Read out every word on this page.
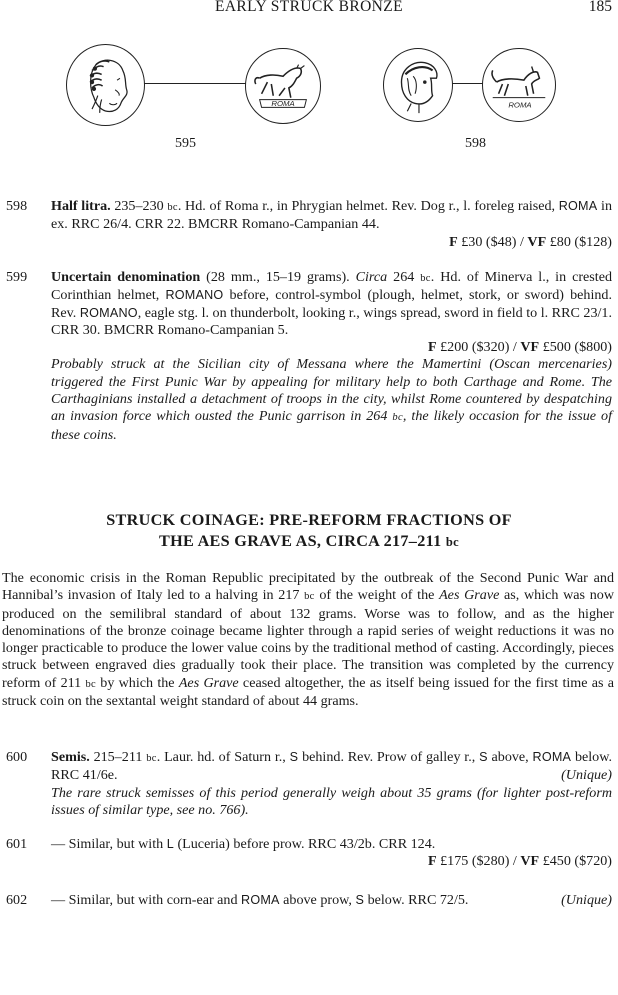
EARLY STRUCK BRONZE	185
ROMA
595
ROMA
598
598	Half litra. 235–230 bc. Hd. of Roma r., in Phrygian helmet. Rev. Dog r., l. foreleg raised, ROMA in ex. RRC 26/4. CRR 22. BMCRR Romano-Campanian 44.

F £30 ($48) / VF £80 ($128)

599	Uncertain denomination (28 mm., 15–19 grams). Circa 264 bc. Hd. of Minerva l., in crested Corinthian helmet, ROMANO before, control-symbol (plough, helmet, stork, or sword) behind. Rev. ROMANO, eagle stg. l. on thunderbolt, looking r., wings spread, sword in field to l. RRC 23/1. CRR 30. BMCRR Romano-Campanian 5.

F £200 ($320) / VF £500 ($800)

Probably struck at the Sicilian city of Messana where the Mamertini (Oscan mercenaries) triggered the First Punic War by appealing for military help to both Carthage and Rome. The Carthaginians installed a detachment of troops in the city, whilst Rome countered by despatching an invasion force which ousted the Punic garrison in 264 bc, the likely occasion for the issue of these coins.

STRUCK COINAGE: PRE-REFORM FRACTIONS OF
THE AES GRAVE AS, CIRCA 217–211 bc

The economic crisis in the Roman Republic precipitated by the outbreak of the Second Punic War and Hannibal’s invasion of Italy led to a halving in 217 bc of the weight of the Aes Grave as, which was now produced on the semilibral standard of about 132 grams. Worse was to follow, and as the higher denominations of the bronze coinage became lighter through a rapid series of weight reductions it was no longer practicable to produce the lower value coins by the traditional method of casting. Accordingly, pieces struck between engraved dies gradually took their place. The transition was completed by the currency reform of 211 bc by which the Aes Grave ceased altogether, the as itself being issued for the first time as a struck coin on the sextantal weight standard of about 44 grams.

600	Semis. 215–211 bc. Laur. hd. of Saturn r., S behind. Rev. Prow of galley r., S above, ROMA below. RRC 41/6e.	(Unique)

The rare struck semisses of this period generally weigh about 35 grams (for lighter post-reform issues of similar type, see no. 766).

601	— Similar, but with L (Luceria) before prow. RRC 43/2b. CRR 124.

F £175 ($280) / VF £450 ($720)

602	— Similar, but with corn-ear and ROMA above prow, S below. RRC 72/5.	(Unique)
